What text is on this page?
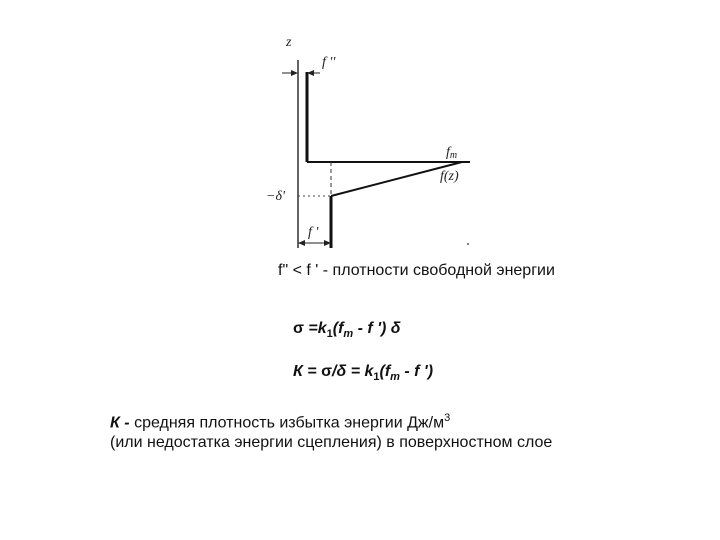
z
f ''
fm
f(z)
−δ'
f '
f" < f ' - плотности свободной энергии
$\sigma =k_1(f_m - f$ ') δ
$К = \sigma/\delta = k_1(f_m - f$ ')
К - средняя плотность избытка энергии $Дж/м^3$
(или недостатка энергии сцепления) в поверхностном слое
